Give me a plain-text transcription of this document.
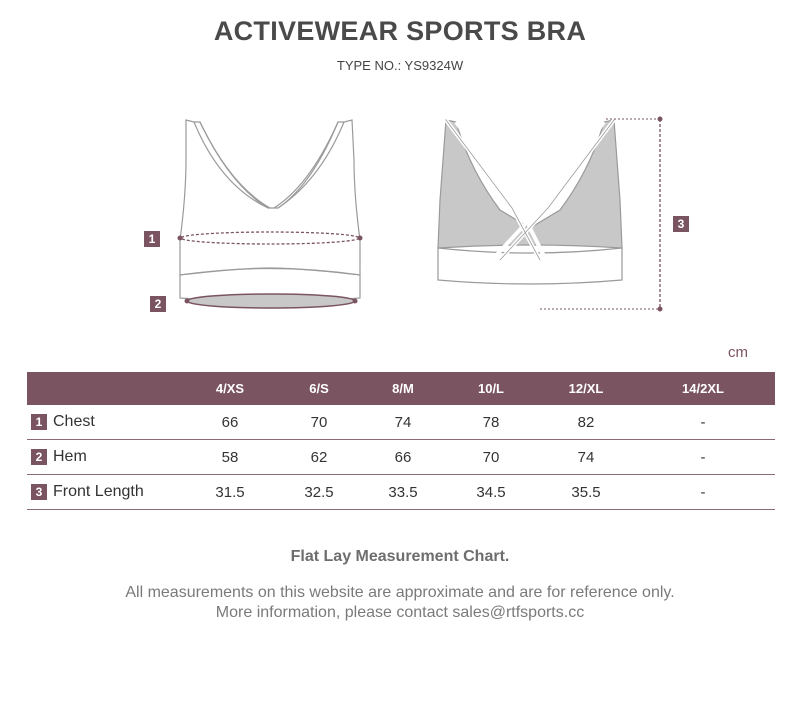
ACTIVEWEAR SPORTS BRA
TYPE NO.: YS9324W
1
2
3
cm
	4/XS	6/S	8/M	10/L	12/XL	14/2XL
1 Chest	66	70	74	78	82	-
2 Hem	58	62	66	70	74	-
3 Front Length	31.5	32.5	33.5	34.5	35.5	-
Flat Lay Measurement Chart.
All measurements on this website are approximate and are for reference only.
More information, please contact sales@rtfsports.cc
